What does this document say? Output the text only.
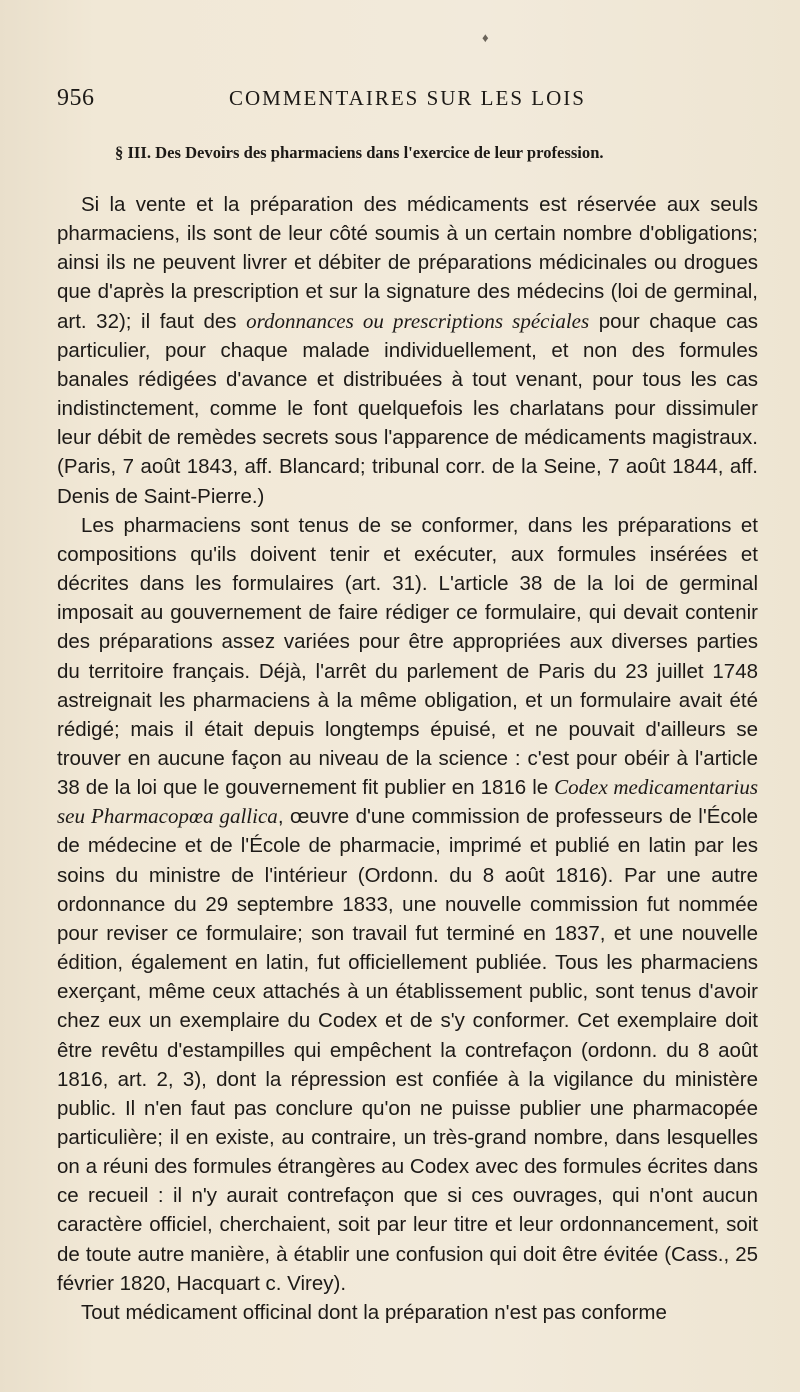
♦
956	COMMENTAIRES SUR LES LOIS
§ III. Des Devoirs des pharmaciens dans l'exercice de leur profession.

Si la vente et la préparation des médicaments est réservée aux seuls pharmaciens, ils sont de leur côté soumis à un certain nombre d'obligations; ainsi ils ne peuvent livrer et débiter de préparations médicinales ou drogues que d'après la prescription et sur la signature des médecins (loi de germinal, art. 32); il faut des ordonnances ou prescriptions spéciales pour chaque cas particulier, pour chaque malade individuellement, et non des formules banales rédigées d'avance et distribuées à tout venant, pour tous les cas indistinctement, comme le font quelquefois les charlatans pour dissimuler leur débit de remèdes secrets sous l'apparence de médicaments magistraux. (Paris, 7 août 1843, aff. Blancard; tribunal corr. de la Seine, 7 août 1844, aff. Denis de Saint-Pierre.)

Les pharmaciens sont tenus de se conformer, dans les préparations et compositions qu'ils doivent tenir et exécuter, aux formules insérées et décrites dans les formulaires (art. 31). L'article 38 de la loi de germinal imposait au gouvernement de faire rédiger ce formulaire, qui devait contenir des préparations assez variées pour être appropriées aux diverses parties du territoire français. Déjà, l'arrêt du parlement de Paris du 23 juillet 1748 astreignait les pharmaciens à la même obligation, et un formulaire avait été rédigé; mais il était depuis longtemps épuisé, et ne pouvait d'ailleurs se trouver en aucune façon au niveau de la science : c'est pour obéir à l'article 38 de la loi que le gouvernement fit publier en 1816 le Codex medicamentarius seu Pharmacopœa gallica, œuvre d'une commission de professeurs de l'École de médecine et de l'École de pharmacie, imprimé et publié en latin par les soins du ministre de l'intérieur (Ordonn. du 8 août 1816). Par une autre ordonnance du 29 septembre 1833, une nouvelle commission fut nommée pour reviser ce formulaire; son travail fut terminé en 1837, et une nouvelle édition, également en latin, fut officiellement publiée. Tous les pharmaciens exerçant, même ceux attachés à un établissement public, sont tenus d'avoir chez eux un exemplaire du Codex et de s'y conformer. Cet exemplaire doit être revêtu d'estampilles qui empêchent la contrefaçon (ordonn. du 8 août 1816, art. 2, 3), dont la répression est confiée à la vigilance du ministère public. Il n'en faut pas conclure qu'on ne puisse publier une pharmacopée particulière; il en existe, au contraire, un très-grand nombre, dans lesquelles on a réuni des formules étrangères au Codex avec des formules écrites dans ce recueil : il n'y aurait contrefaçon que si ces ouvrages, qui n'ont aucun caractère officiel, cherchaient, soit par leur titre et leur ordonnancement, soit de toute autre manière, à établir une confusion qui doit être évitée (Cass., 25 février 1820, Hacquart c. Virey).

Tout médicament officinal dont la préparation n'est pas conforme
